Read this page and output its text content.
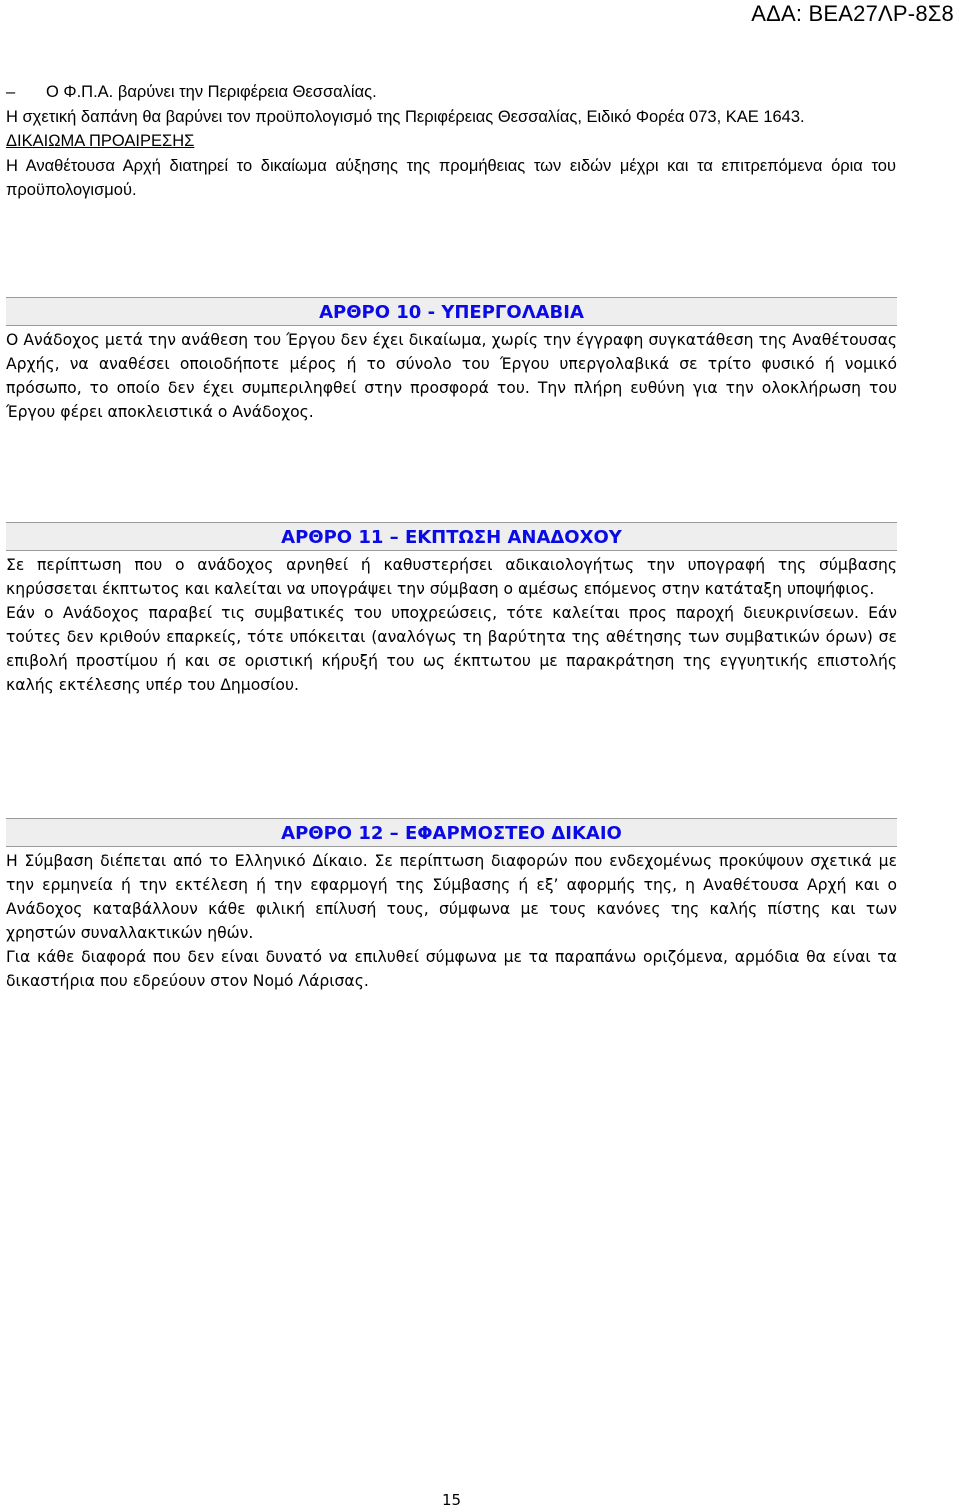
ΑΔΑ: ΒΕΑ27ΛΡ-8Σ8

– Ο Φ.Π.Α. βαρύνει την Περιφέρεια Θεσσαλίας.

Η σχετική δαπάνη θα βαρύνει τον προϋπολογισμό της Περιφέρειας Θεσσαλίας, Ειδικό Φορέα 073, ΚΑΕ 1643.

ΔΙΚΑΙΩΜΑ ΠΡΟΑΙΡΕΣΗΣ

Η Αναθέτουσα Αρχή διατηρεί το δικαίωμα αύξησης της προμήθειας των ειδών μέχρι και τα επιτρεπόμενα όρια του προϋπολογισμού.

ΑΡΘΡΟ 10 - ΥΠΕΡΓΟΛΑΒΙΑ

Ο Ανάδοχος μετά την ανάθεση του Έργου δεν έχει δικαίωμα, χωρίς την έγγραφη συγκατάθεση της Αναθέτουσας Αρχής, να αναθέσει οποιοδήποτε μέρος ή το σύνολο του Έργου υπεργολαβικά σε τρίτο φυσικό ή νομικό πρόσωπο, το οποίο δεν έχει συμπεριληφθεί στην προσφορά του. Την πλήρη ευθύνη για την ολοκλήρωση του Έργου φέρει αποκλειστικά ο Ανάδοχος.

ΑΡΘΡΟ 11 – ΕΚΠΤΩΣΗ ΑΝΑΔΟΧΟΥ

Σε περίπτωση που ο ανάδοχος αρνηθεί ή καθυστερήσει αδικαιολογήτως την υπογραφή της σύμβασης κηρύσσεται έκπτωτος και καλείται να υπογράψει την σύμβαση ο αμέσως επόμενος στην κατάταξη υποψήφιος.

Εάν ο Ανάδοχος παραβεί τις συμβατικές του υποχρεώσεις, τότε καλείται προς παροχή διευκρινίσεων. Εάν τούτες δεν κριθούν επαρκείς, τότε υπόκειται (αναλόγως τη βαρύτητα της αθέτησης των συμβατικών όρων) σε επιβολή προστίμου ή και σε οριστική κήρυξή του ως έκπτωτου με παρακράτηση της εγγυητικής επιστολής καλής εκτέλεσης υπέρ του Δημοσίου.

ΑΡΘΡΟ 12 – ΕΦΑΡΜΟΣΤΕΟ ΔΙΚΑΙΟ

Η Σύμβαση διέπεται από το Ελληνικό Δίκαιο. Σε περίπτωση διαφορών που ενδεχομένως προκύψουν σχετικά με την ερμηνεία ή την εκτέλεση ή την εφαρμογή της Σύμβασης ή εξ’ αφορμής της, η Αναθέτουσα Αρχή και ο Ανάδοχος καταβάλλουν κάθε φιλική επίλυσή τους, σύμφωνα με τους κανόνες της καλής πίστης και των χρηστών συναλλακτικών ηθών.

Για κάθε διαφορά που δεν είναι δυνατό να επιλυθεί σύμφωνα με τα παραπάνω οριζόμενα, αρμόδια θα είναι τα δικαστήρια που εδρεύουν στον Νομό Λάρισας.

15
